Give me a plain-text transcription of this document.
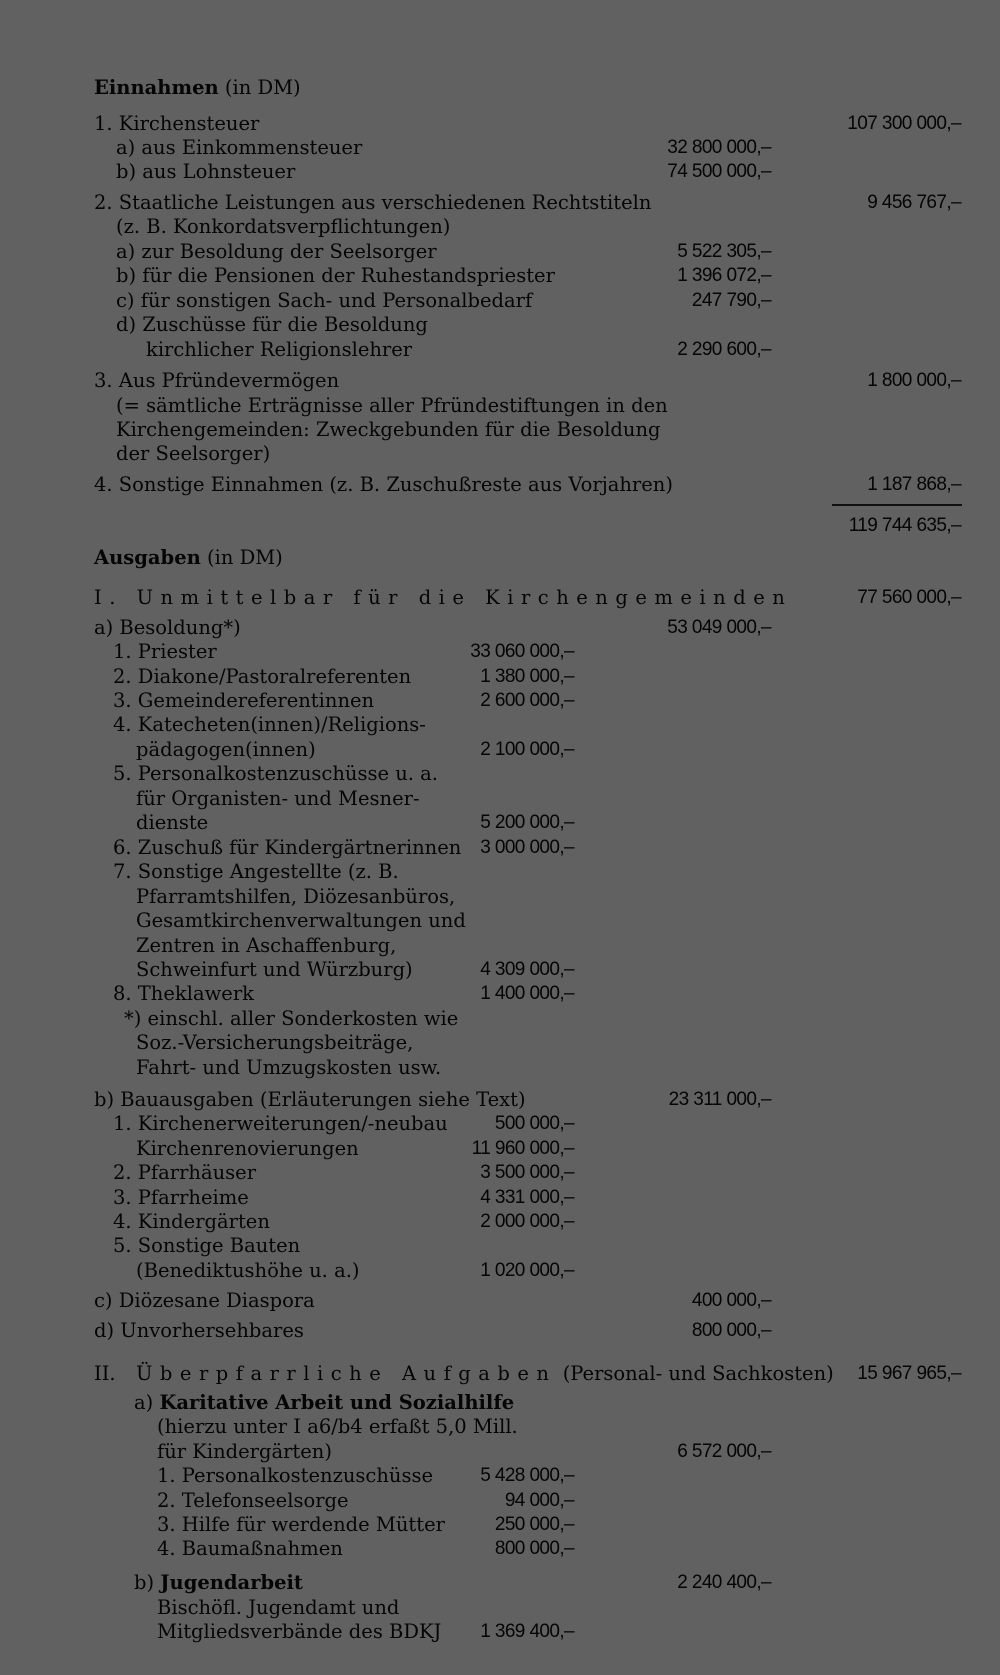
Einnahmen (in DM)
1. Kirchensteuer	107 300 000,–
a) aus Einkommensteuer	32 800 000,–
b) aus Lohnsteuer	74 500 000,–
2. Staatliche Leistungen aus verschiedenen Rechtstiteln	9 456 767,–
(z. B. Konkordatsverpflichtungen)
a) zur Besoldung der Seelsorger	5 522 305,–
b) für die Pensionen der Ruhestandspriester	1 396 072,–
c) für sonstigen Sach- und Personalbedarf	247 790,–
d) Zuschüsse für die Besoldung
kirchlicher Religionslehrer	2 290 600,–
3. Aus Pfründevermögen	1 800 000,–
(= sämtliche Erträgnisse aller Pfründestiftungen in den
Kirchengemeinden: Zweckgebunden für die Besoldung
der Seelsorger)
4. Sonstige Einnahmen (z. B. Zuschußreste aus Vorjahren)	1 187 868,–
119 744 635,–
Ausgaben (in DM)
I. Unmittelbar für die Kirchengemeinden	77 560 000,–
a) Besoldung*)	53 049 000,–
1. Priester	33 060 000,–
2. Diakone/Pastoralreferenten	1 380 000,–
3. Gemeindereferentinnen	2 600 000,–
4. Katecheten(innen)/Religions-
pädagogen(innen)	2 100 000,–
5. Personalkostenzuschüsse u. a.
für Organisten- und Mesner-
dienste	5 200 000,–
6. Zuschuß für Kindergärtnerinnen 3 000 000,–
7. Sonstige Angestellte (z. B.
Pfarramtshilfen, Diözesanbüros,
Gesamtkirchenverwaltungen und
Zentren in Aschaffenburg,
Schweinfurt und Würzburg)	4 309 000,–
8. Theklawerk	1 400 000,–
*) einschl. aller Sonderkosten wie
Soz.-Versicherungsbeiträge,
Fahrt- und Umzugskosten usw.
b) Bauausgaben (Erläuterungen siehe Text)	23 311 000,–
1. Kirchenerweiterungen/-neubau 500 000,–
Kirchenrenovierungen	11 960 000,–
2. Pfarrhäuser	3 500 000,–
3. Pfarrheime	4 331 000,–
4. Kindergärten	2 000 000,–
5. Sonstige Bauten
(Benediktushöhe u. a.)	1 020 000,–
c) Diözesane Diaspora	400 000,–
d) Unvorhersehbares	800 000,–
II. Überpfarrliche Aufgaben (Personal- und Sachkosten) 15 967 965,–
a) Karitative Arbeit und Sozialhilfe
(hierzu unter I a6/b4 erfaßt 5,0 Mill.
für Kindergärten)	6 572 000,–
1. Personalkostenzuschüsse 5 428 000,–
2. Telefonseelsorge	94 000,–
3. Hilfe für werdende Mütter	250 000,–
4. Baumaßnahmen	800 000,–
b) Jugendarbeit	2 240 400,–
Bischöfl. Jugendamt und
Mitgliedsverbände des BDKJ 1 369 400,–
